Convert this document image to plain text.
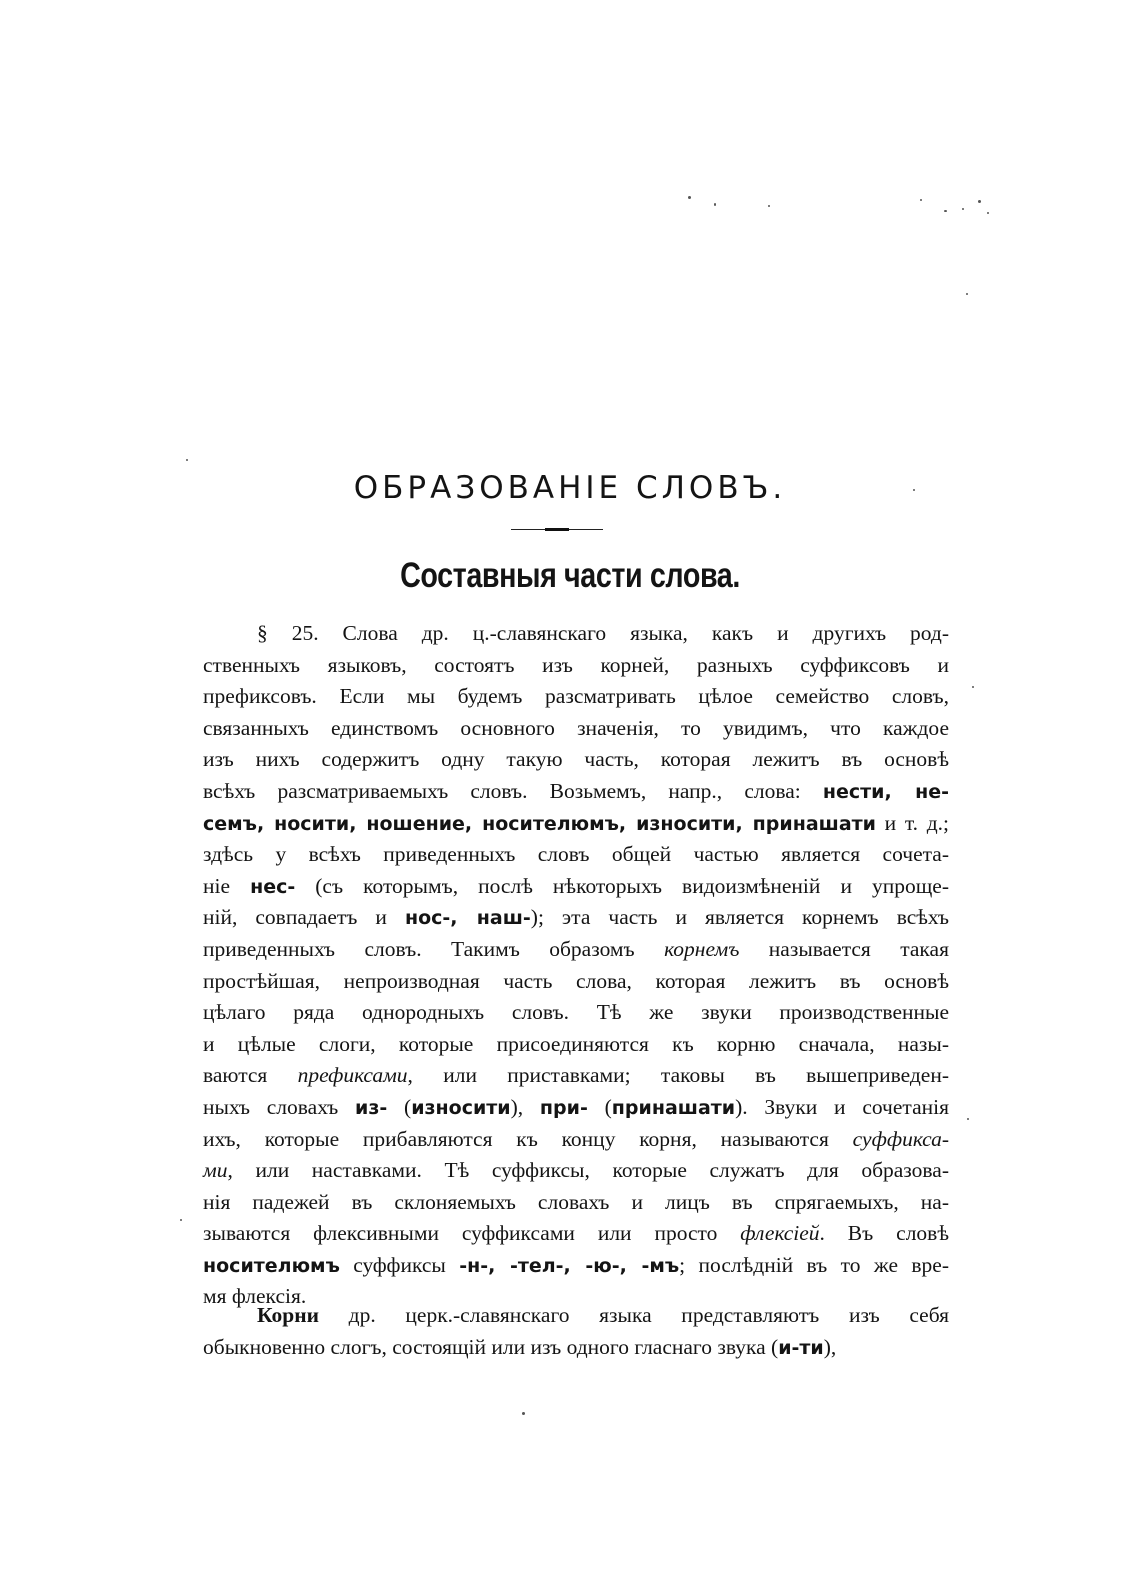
ОБРАЗОВАНІЕ СЛОВЪ.
Составныя части слова.
§ 25. Слова др. ц.-славянскаго языка, какъ и другихъ род-
ственныхъ языковъ, состоятъ изъ корней, разныхъ суффиксовъ и
префиксовъ. Если мы будемъ разсматривать цѣлое семейство словъ,
связанныхъ единствомъ основного значенія, то увидимъ, что каждое
изъ нихъ содержитъ одну такую часть, которая лежитъ въ основѣ
всѣхъ разсматриваемыхъ словъ. Возьмемъ, напр., слова: нести, не-
семъ, носити, ношение, носителюмъ, износити, принашати и т. д.;
здѣсь у всѣхъ приведенныхъ словъ общей частью является сочета-
ніе нес- (съ которымъ, послѣ нѣкоторыхъ видоизмѣненій и упроще-
ній, совпадаетъ и нос-, наш-); эта часть и является корнемъ всѣхъ
приведенныхъ словъ. Такимъ образомъ корнемъ называется такая
простѣйшая, непроизводная часть слова, которая лежитъ въ основѣ
цѣлаго ряда однородныхъ словъ. Тѣ же звуки производственные
и цѣлые слоги, которые присоединяются къ корню сначала, назы-
ваются префиксами, или приставками; таковы въ вышеприведен-
ныхъ словахъ из- (износити), при- (принашати). Звуки и сочетанія
ихъ, которые прибавляются къ концу корня, называются суффикса-
ми, или наставками. Тѣ суффиксы, которые служатъ для образова-
нія падежей въ склоняемыхъ словахъ и лицъ въ спрягаемыхъ, на-
зываются флексивными суффиксами или просто флексіей. Въ словѣ
носителюмъ суффиксы -н-, -тел-, -ю-, -мъ; послѣдній въ то же вре-
мя флексія.
Корни др. церк.-славянскаго языка представляютъ изъ себя
обыкновенно слогъ, состоящій или изъ одного гласнаго звука (и-ти),
